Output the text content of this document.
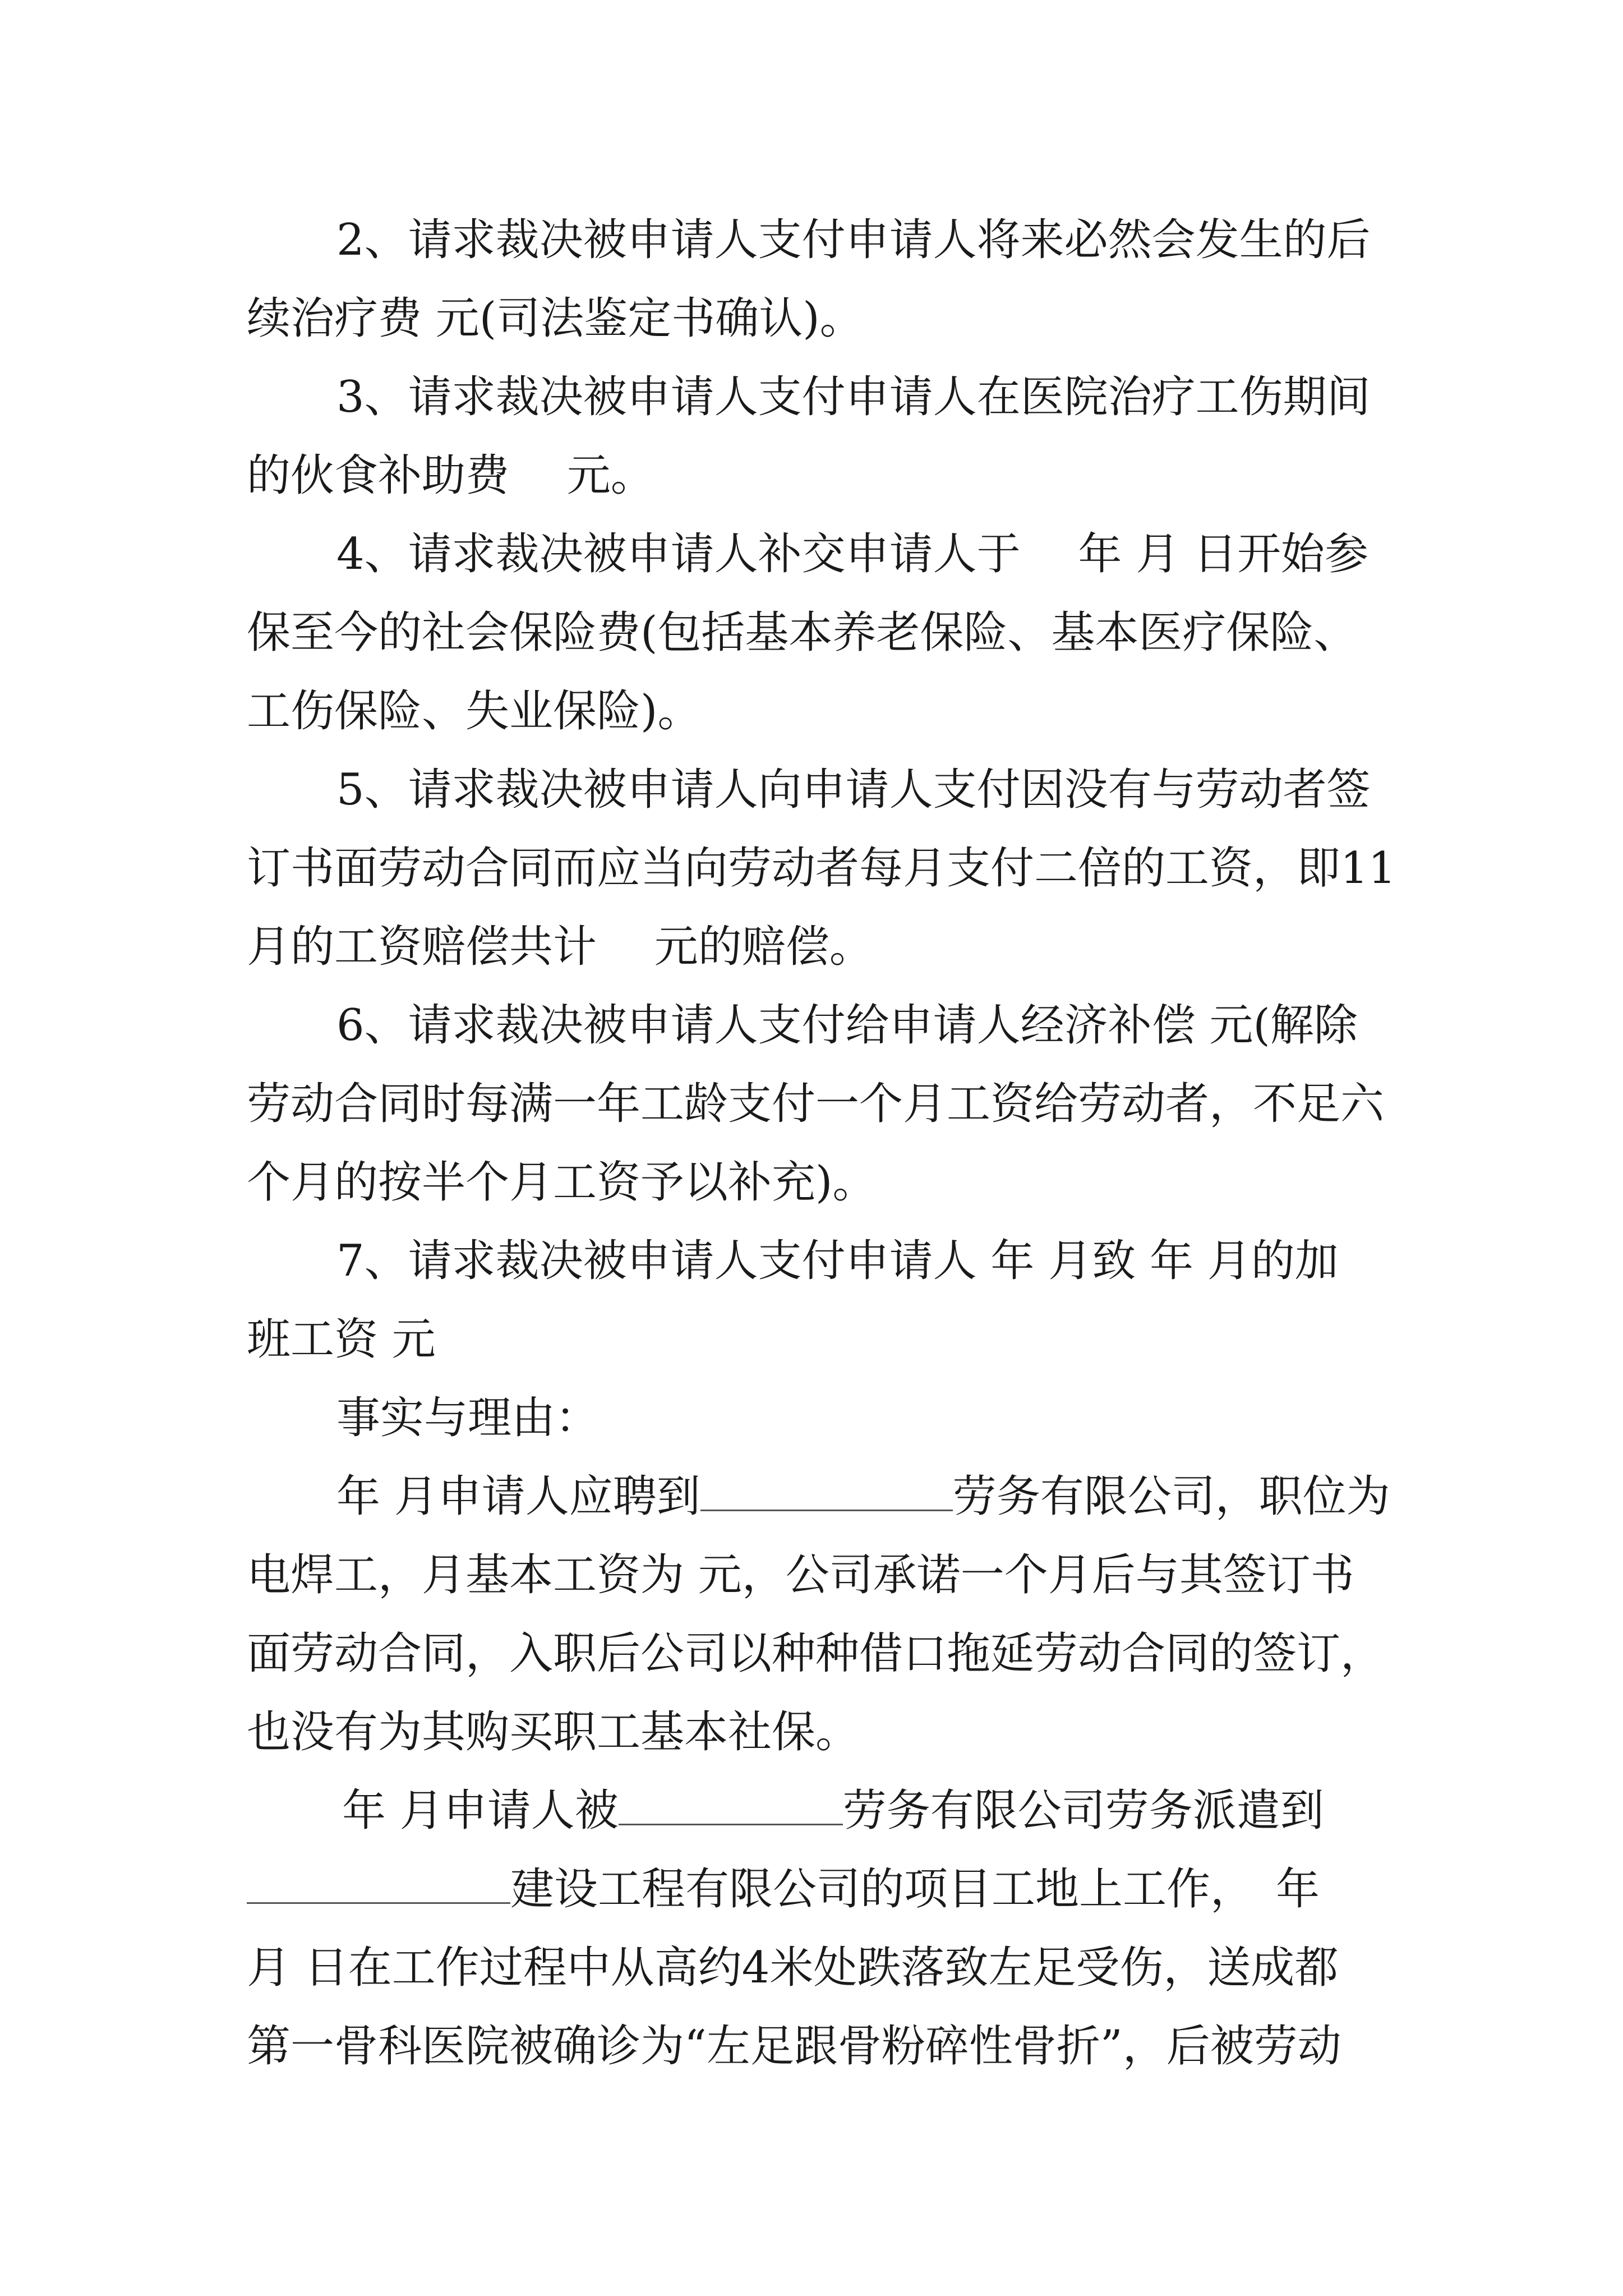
2、请求裁决被申请人支付申请人将来必然会发生的后
续治疗费 元(司法鉴定书确认)。
3、请求裁决被申请人支付申请人在医院治疗工伤期间
的伙食补助费　 元。
4、请求裁决被申请人补交申请人于　 年 月 日开始参
保至今的社会保险费(包括基本养老保险、基本医疗保险、
工伤保险、失业保险)。
5、请求裁决被申请人向申请人支付因没有与劳动者签
订书面劳动合同而应当向劳动者每月支付二倍的工资，即11
月的工资赔偿共计　 元的赔偿。
6、请求裁决被申请人支付给申请人经济补偿 元(解除
劳动合同时每满一年工龄支付一个月工资给劳动者，不足六
个月的按半个月工资予以补充)。
7、请求裁决被申请人支付申请人 年 月致 年 月的加
班工资 元
事实与理由：
年 月申请人应聘到	劳务有限公司，职位为
电焊工，月基本工资为 元，公司承诺一个月后与其签订书
面劳动合同，入职后公司以种种借口拖延劳动合同的签订，
也没有为其购买职工基本社保。
年 月申请人被	劳务有限公司劳务派遣到
建设工程有限公司的项目工地上工作，　年
月 日在工作过程中从高约4米处跌落致左足受伤，送成都
第一骨科医院被确诊为“左足跟骨粉碎性骨折”，后被劳动
